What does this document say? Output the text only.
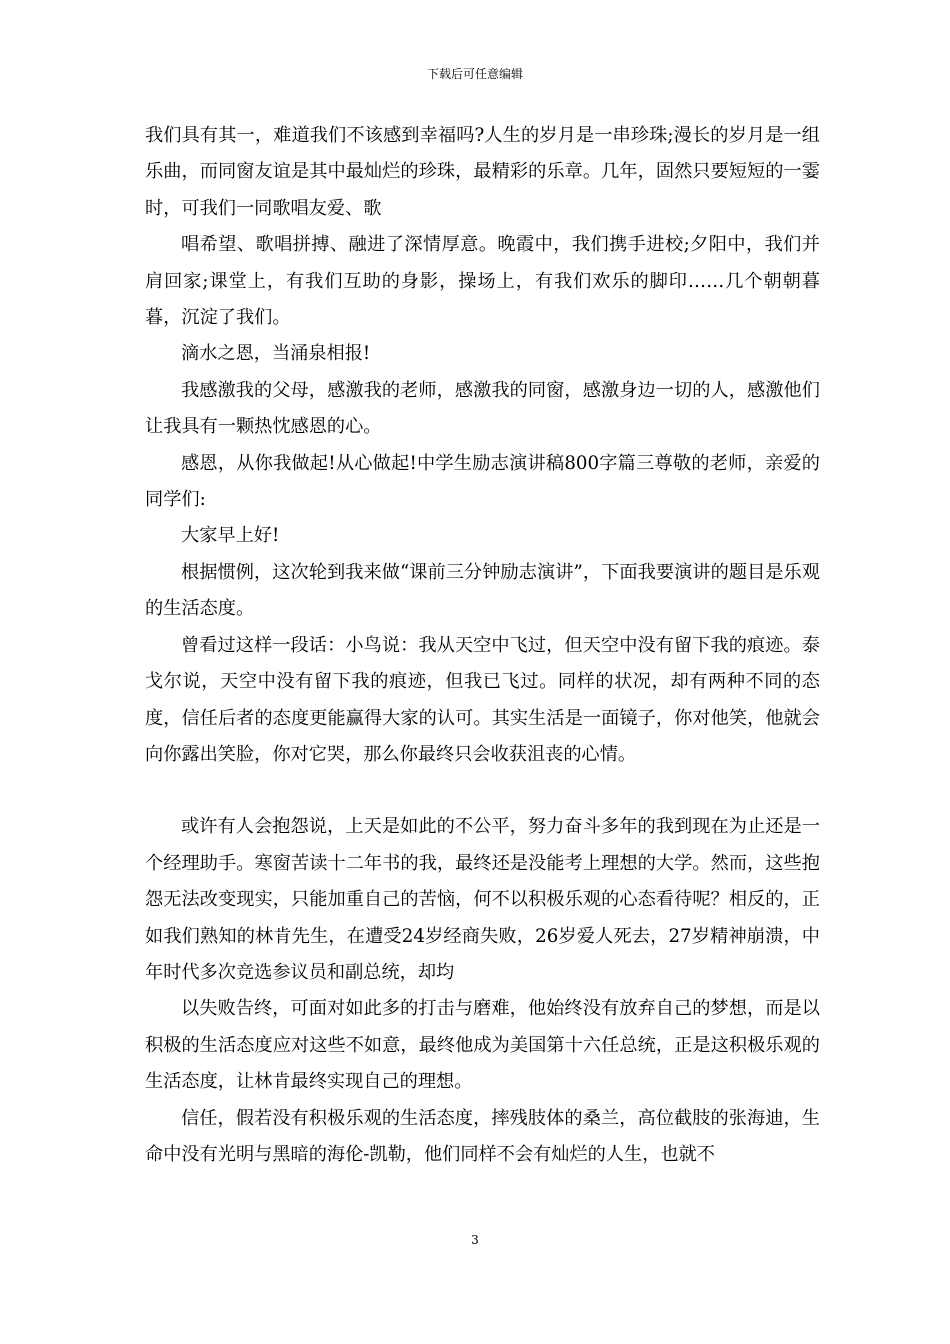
下载后可任意编辑

我们具有其一，难道我们不该感到幸福吗?人生的岁月是一串珍珠;漫长的岁月是一组乐曲，而同窗友谊是其中最灿烂的珍珠，最精彩的乐章。几年，固然只要短短的一霎时，可我们一同歌唱友爱、歌

唱希望、歌唱拼搏、融进了深情厚意。晚霞中，我们携手进校;夕阳中，我们并肩回家;课堂上，有我们互助的身影，操场上，有我们欢乐的脚印……几个朝朝暮暮，沉淀了我们。

滴水之恩，当涌泉相报!

我感激我的父母，感激我的老师，感激我的同窗，感激身边一切的人，感激他们让我具有一颗热忱感恩的心。

感恩，从你我做起!从心做起!中学生励志演讲稿800字篇三尊敬的老师，亲爱的同学们:

大家早上好!

根据惯例，这次轮到我来做“课前三分钟励志演讲”，下面我要演讲的题目是乐观的生活态度。

曾看过这样一段话：小鸟说：我从天空中飞过，但天空中没有留下我的痕迹。泰戈尔说，天空中没有留下我的痕迹，但我已飞过。同样的状况，却有两种不同的态度，信任后者的态度更能赢得大家的认可。其实生活是一面镜子，你对他笑，他就会向你露出笑脸，你对它哭，那么你最终只会收获沮丧的心情。

或许有人会抱怨说，上天是如此的不公平，努力奋斗多年的我到现在为止还是一个经理助手。寒窗苦读十二年书的我，最终还是没能考上理想的大学。然而，这些抱怨无法改变现实，只能加重自己的苦恼，何不以积极乐观的心态看待呢？相反的，正如我们熟知的林肯先生，在遭受24岁经商失败，26岁爱人死去，27岁精神崩溃，中年时代多次竞选参议员和副总统，却均

以失败告终，可面对如此多的打击与磨难，他始终没有放弃自己的梦想，而是以积极的生活态度应对这些不如意，最终他成为美国第十六任总统，正是这积极乐观的生活态度，让林肯最终实现自己的理想。

信任，假若没有积极乐观的生活态度，摔残肢体的桑兰，高位截肢的张海迪，生命中没有光明与黑暗的海伦-凯勒，他们同样不会有灿烂的人生，也就不

3
